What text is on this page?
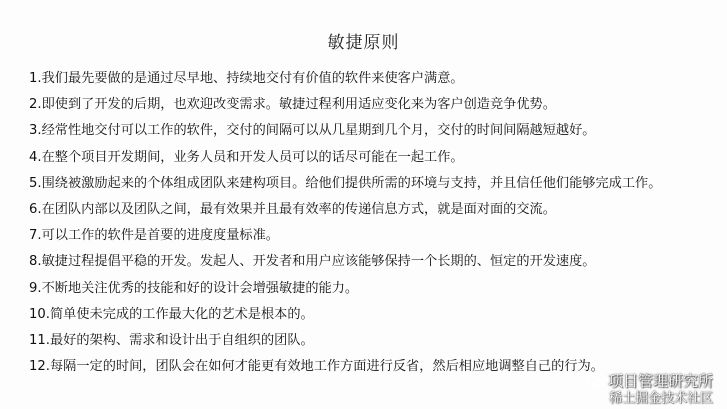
敏捷原则
1.我们最先要做的是通过尽早地、持续地交付有价值的软件来使客户满意。
2.即使到了开发的后期，也欢迎改变需求。敏捷过程利用适应变化来为客户创造竞争优势。
3.经常性地交付可以工作的软件，交付的间隔可以从几星期到几个月，交付的时间间隔越短越好。
4.在整个项目开发期间，业务人员和开发人员可以的话尽可能在一起工作。
5.围绕被激励起来的个体组成团队来建构项目。给他们提供所需的环境与支持，并且信任他们能够完成工作。
6.在团队内部以及团队之间，最有效果并且最有效率的传递信息方式，就是面对面的交流。
7.可以工作的软件是首要的进度度量标准。
8.敏捷过程提倡平稳的开发。发起人、开发者和用户应该能够保持一个长期的、恒定的开发速度。
9.不断地关注优秀的技能和好的设计会增强敏捷的能力。
10.简单使未完成的工作最大化的艺术是根本的。
11.最好的架构、需求和设计出于自组织的团队。
12.每隔一定的时间，团队会在如何才能更有效地工作方面进行反省，然后相应地调整自己的行为。
项目管理研究所
稀土掘金技术社区
